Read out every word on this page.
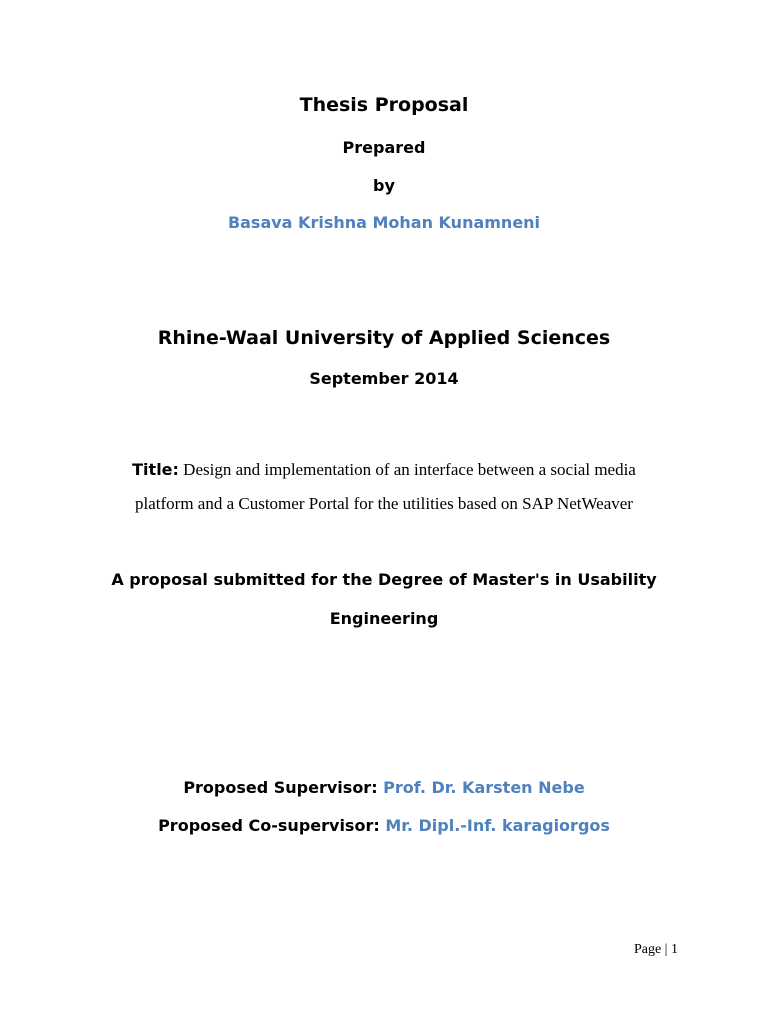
Thesis Proposal

Prepared

by

Basava Krishna Mohan Kunamneni

Rhine-Waal University of Applied Sciences

September 2014

Title: Design and implementation of an interface between a social media

platform and a Customer Portal for the utilities based on SAP NetWeaver

A proposal submitted for the Degree of Master's in Usability

Engineering

Proposed Supervisor: Prof. Dr. Karsten Nebe

Proposed Co-supervisor: Mr. Dipl.-Inf. karagiorgos

Page | 1
